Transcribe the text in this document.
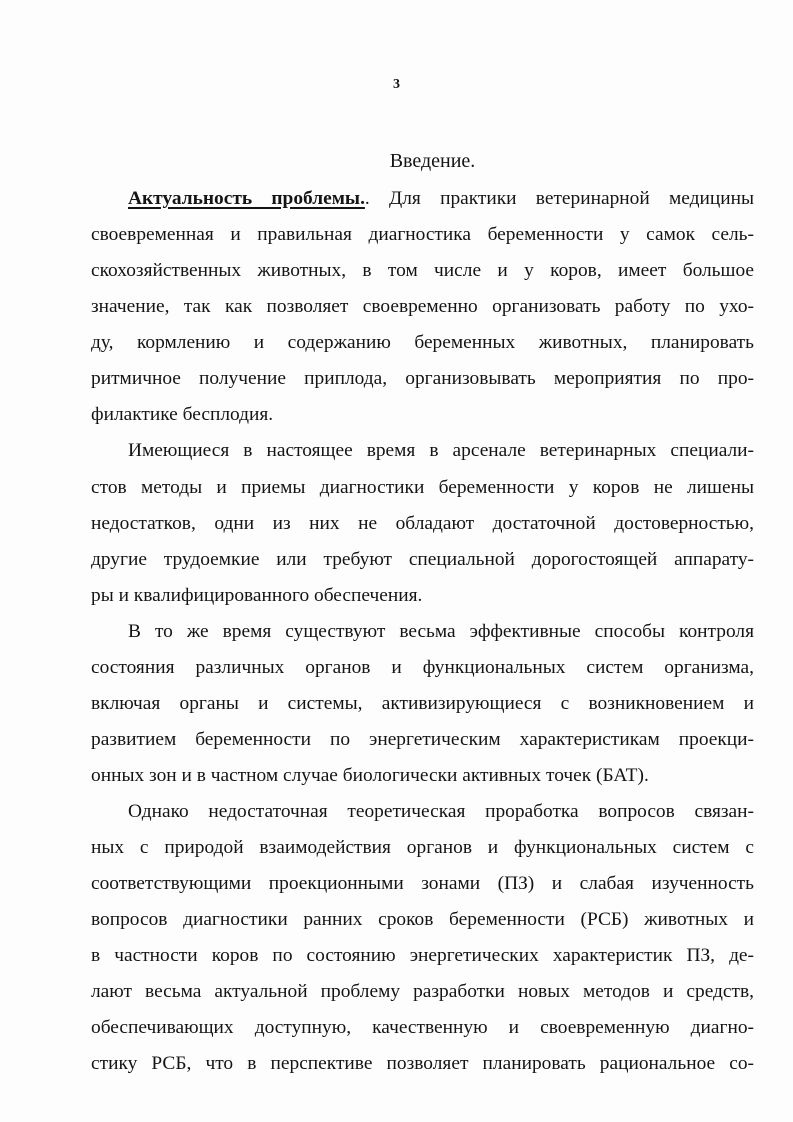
3
Введение.
Актуальность проблемы.. Для практики ветеринарной медицины
своевременная и правильная диагностика беременности у самок сель-
скохозяйственных животных, в том числе и у коров, имеет большое
значение, так как позволяет своевременно организовать работу по ухо-
ду, кормлению и содержанию беременных животных, планировать
ритмичное получение приплода, организовывать мероприятия по про-
филактике бесплодия.
Имеющиеся в настоящее время в арсенале ветеринарных специали-
стов методы и приемы диагностики беременности у коров не лишены
недостатков, одни из них не обладают достаточной достоверностью,
другие трудоемкие или требуют специальной дорогостоящей аппарату-
ры и квалифицированного обеспечения.
В то же время существуют весьма эффективные способы контроля
состояния различных органов и функциональных систем организма,
включая органы и системы, активизирующиеся с возникновением и
развитием беременности по энергетическим характеристикам проекци-
онных зон и в частном случае биологически активных точек (БАТ).
Однако недостаточная теоретическая проработка вопросов связан-
ных с природой взаимодействия органов и функциональных систем с
соответствующими проекционными зонами (ПЗ) и слабая изученность
вопросов диагностики ранних сроков беременности (РСБ) животных и
в частности коров по состоянию энергетических характеристик ПЗ, де-
лают весьма актуальной проблему разработки новых методов и средств,
обеспечивающих доступную, качественную и своевременную диагно-
стику РСБ, что в перспективе позволяет планировать рациональное со-
